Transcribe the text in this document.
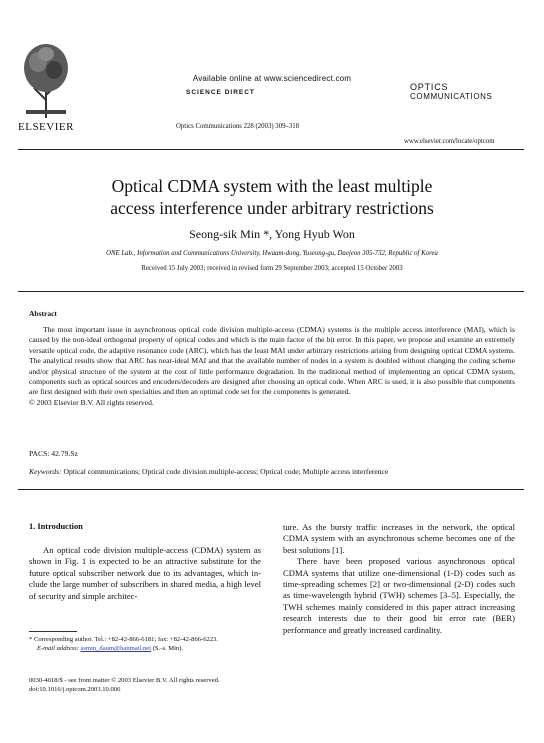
Available online at www.sciencedirect.com
SCIENCE DIRECT
ELSEVIER	Optics Communications 228 (2003) 309–318
OPTICS
COMMUNICATIONS
www.elsevier.com/locate/optcom
Optical CDMA system with the least multiple
access interference under arbitrary restrictions
Seong-sik Min *, Yong Hyub Won
ONE Lab., Information and Communications University, Hwaam-dong, Yuseong-gu, Daejeon 305-732, Republic of Korea
Received 15 July 2003; received in revised form 29 September 2003; accepted 15 October 2003
Abstract

The most important issue in asynchronous optical code division multiple-access (CDMA) systems is the multiple access interference (MAI), which is caused by the non-ideal orthogonal property of optical codes and which is the main factor of the bit error. In this paper, we propose and examine an extremely versatile optical code, the adaptive resonance code (ARC), which has the least MAI under arbitrary restrictions arising from designing optical CDMA systems. The analytical results show that ARC has near-ideal MAI and that the available number of nodes in a system is doubled without changing the coding scheme and/or physical structure of the system at the cost of little performance degradation. In the traditional method of implementing an optical CDMA system, components such as optical sources and encoders/decoders are designed after choosing an optical code. When ARC is used, it is also possible that components are first designed with their own specialties and then an optimal code set for the components is generated.

© 2003 Elsevier B.V. All rights reserved.
PACS: 42.79.Sz
Keywords: Optical communications; Optical code division multiple-access; Optical code; Multiple access interference
1. Introduction

An optical code division multiple-access (CDMA) system as shown in Fig. 1 is expected to be an attractive substitute for the future optical subscriber network due to its advantages, which include the large number of subscribers in shared media, a high level of security and simple architec-

ture. As the bursty traffic increases in the network, the optical CDMA system with an asynchronous scheme becomes one of the best solutions [1].

There have been proposed various asynchronous optical CDMA systems that utilize one-dimensional (1-D) codes such as time-spreading schemes [2] or two-dimensional (2-D) codes such as time-wavelength hybrid (TWH) schemes [3–5]. Especially, the TWH schemes mainly considered in this paper attract increasing research interests due to their good bit error rate (BER) performance and greatly increased cardinality.

* Corresponding author. Tel.: +82-42-866-6181; fax: +82-42-866-6223.
E-mail address: ssmin_daum@hanmail.net (S.-s. Min).
0030-4018/$ - see front matter © 2003 Elsevier B.V. All rights reserved.
doi:10.1016/j.optcom.2003.10.006
